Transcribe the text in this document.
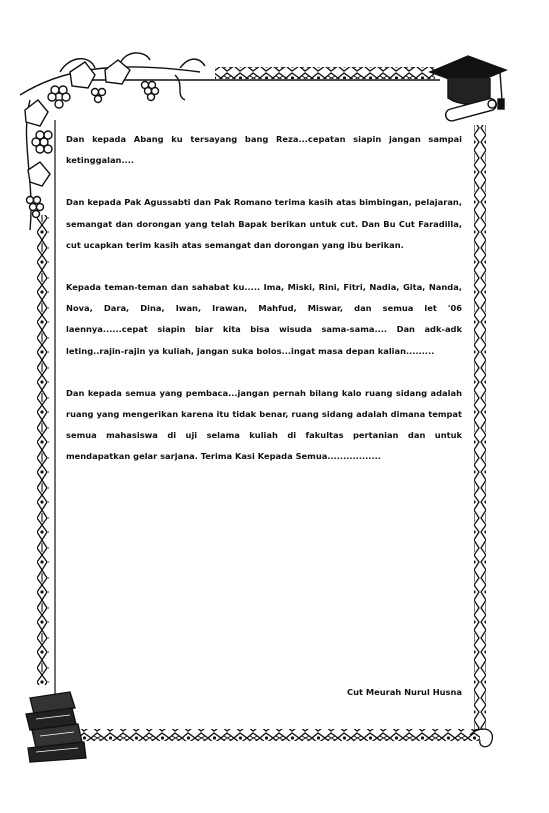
Dan kepada Abang ku tersayang bang Reza...cepatan siapin jangan sampai ketinggalan....

Dan kepada Pak Agussabti dan Pak Romano terima kasih atas bimbingan, pelajaran, semangat dan dorongan yang telah Bapak berikan untuk cut. Dan Bu Cut Faradilla, cut ucapkan terim kasih atas semangat dan dorongan yang ibu berikan.

Kepada teman-teman dan sahabat ku..... Ima, Miski, Rini, Fitri, Nadia, Gita, Nanda, Nova, Dara, Dina, Iwan, Irawan, Mahfud, Miswar, dan semua let '06 laennya......cepat siapin biar kita bisa wisuda sama-sama.... Dan adk-adk leting..rajin-rajin ya kuliah, jangan suka bolos...ingat masa depan kalian.........

Dan kepada semua yang pembaca...jangan pernah bilang kalo ruang sidang adalah ruang yang mengerikan karena itu tidak benar, ruang sidang adalah dimana tempat semua mahasiswa di uji selama kuliah di fakultas pertanian dan untuk mendapatkan gelar sarjana. Terima Kasi Kepada Semua.................

Cut Meurah Nurul Husna
